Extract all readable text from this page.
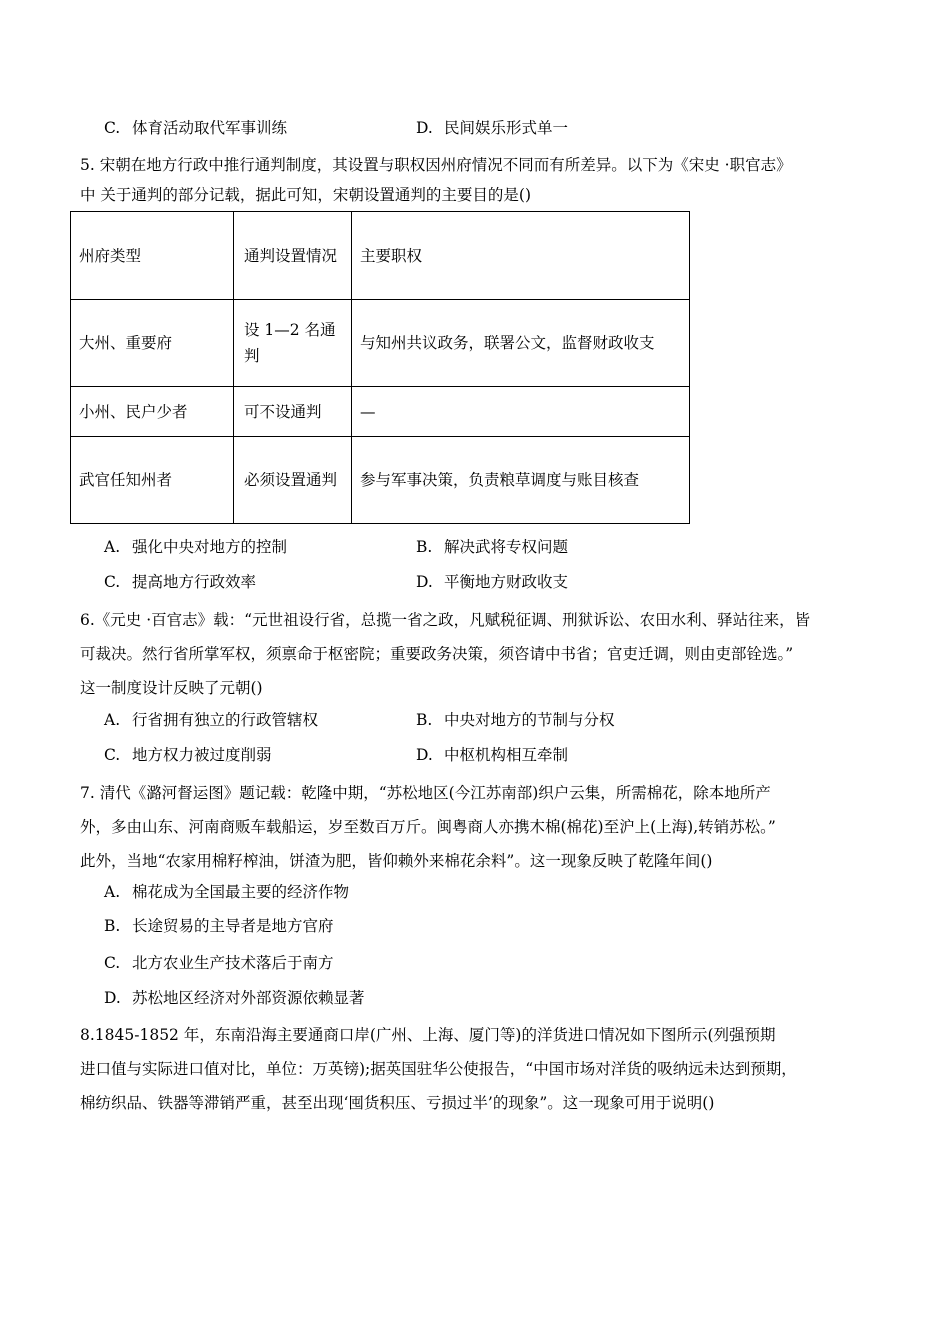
C. 体育活动取代军事训练	D. 民间娱乐形式单一

5. 宋朝在地方行政中推行通判制度，其设置与职权因州府情况不同而有所差异。以下为《宋史 ·职官志》

中 关于通判的部分记载，据此可知，宋朝设置通判的主要目的是()

州府类型	通判设置情况	主要职权
大州、重要府	设 1—2 名通 判	与知州共议政务，联署公文，监督财政收支
小州、民户少者	可不设通判	—
武官任知州者	必须设置通判	参与军事决策，负责粮草调度与账目核查
A. 强化中央对地方的控制	B. 解决武将专权问题
C. 提高地方行政效率	D. 平衡地方财政收支

6.《元史 ·百官志》载：“元世祖设行省，总揽一省之政，凡赋税征调、刑狱诉讼、农田水利、驿站往来，皆

可裁决。然行省所掌军权，须禀命于枢密院；重要政务决策，须咨请中书省；官吏迁调，则由吏部铨选。”

这一制度设计反映了元朝()

A. 行省拥有独立的行政管辖权	B. 中央对地方的节制与分权
C. 地方权力被过度削弱	D. 中枢机构相互牵制

7. 清代《潞河督运图》题记载：乾隆中期，“苏松地区(今江苏南部)织户云集，所需棉花，除本地所产

外，多由山东、河南商贩车载船运，岁至数百万斤。闽粤商人亦携木棉(棉花)至沪上(上海),转销苏松。”

此外，当地“农家用棉籽榨油，饼渣为肥，皆仰赖外来棉花余料”。这一现象反映了乾隆年间()

A. 棉花成为全国最主要的经济作物
B. 长途贸易的主导者是地方官府
C. 北方农业生产技术落后于南方
D. 苏松地区经济对外部资源依赖显著

8.1845-1852 年，东南沿海主要通商口岸(广州、上海、厦门等)的洋货进口情况如下图所示(列强预期

进口值与实际进口值对比，单位：万英镑);据英国驻华公使报告，“中国市场对洋货的吸纳远未达到预期，

棉纺织品、铁器等滞销严重，甚至出现‘囤货积压、亏损过半’的现象”。这一现象可用于说明()
